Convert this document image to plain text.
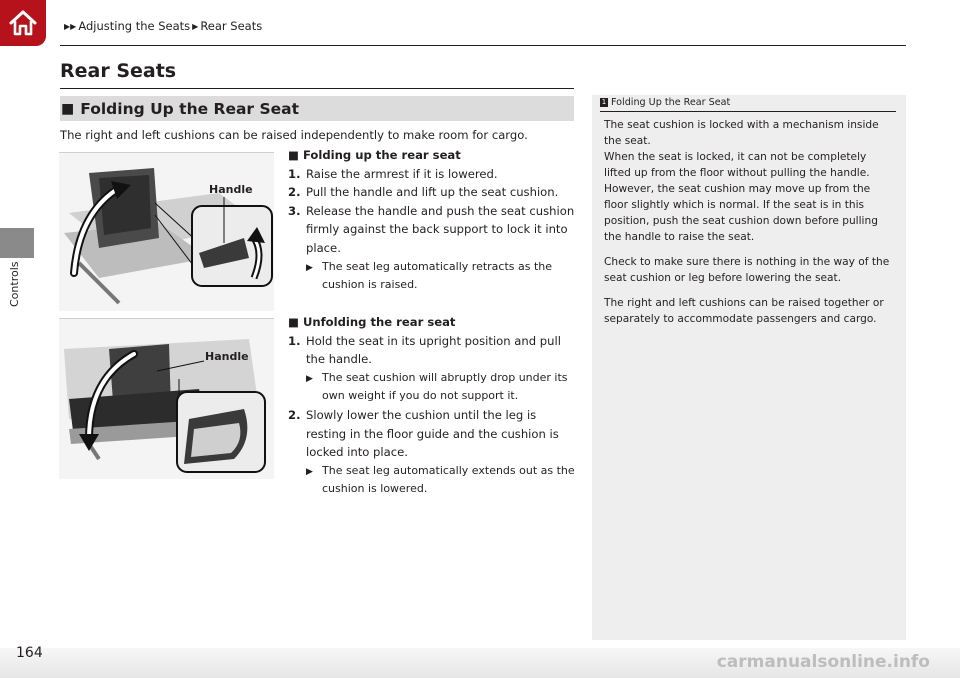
Controls
▶▶ Adjusting the Seats ▶ Rear Seats
Rear Seats
■ Folding Up the Rear Seat
The right and left cushions can be raised independently to make room for cargo.
Handle
Handle
■ Folding up the rear seat
1. Raise the armrest if it is lowered.
2. Pull the handle and lift up the seat cushion.
3. Release the handle and push the seat cushion firmly against the back support to lock it into place.
▶ The seat leg automatically retracts as the cushion is raised.
■ Unfolding the rear seat
1. Hold the seat in its upright position and pull the handle.
▶ The seat cushion will abruptly drop under its own weight if you do not support it.
2. Slowly lower the cushion until the leg is resting in the floor guide and the cushion is locked into place.
▶ The seat leg automatically extends out as the cushion is lowered.
1 Folding Up the Rear Seat

The seat cushion is locked with a mechanism inside the seat.
When the seat is locked, it can not be completely lifted up from the floor without pulling the handle. However, the seat cushion may move up from the floor slightly which is normal. If the seat is in this position, push the seat cushion down before pulling the handle to raise the seat.

Check to make sure there is nothing in the way of the seat cushion or leg before lowering the seat.

The right and left cushions can be raised together or separately to accommodate passengers and cargo.

carmanualsonline.info
164
